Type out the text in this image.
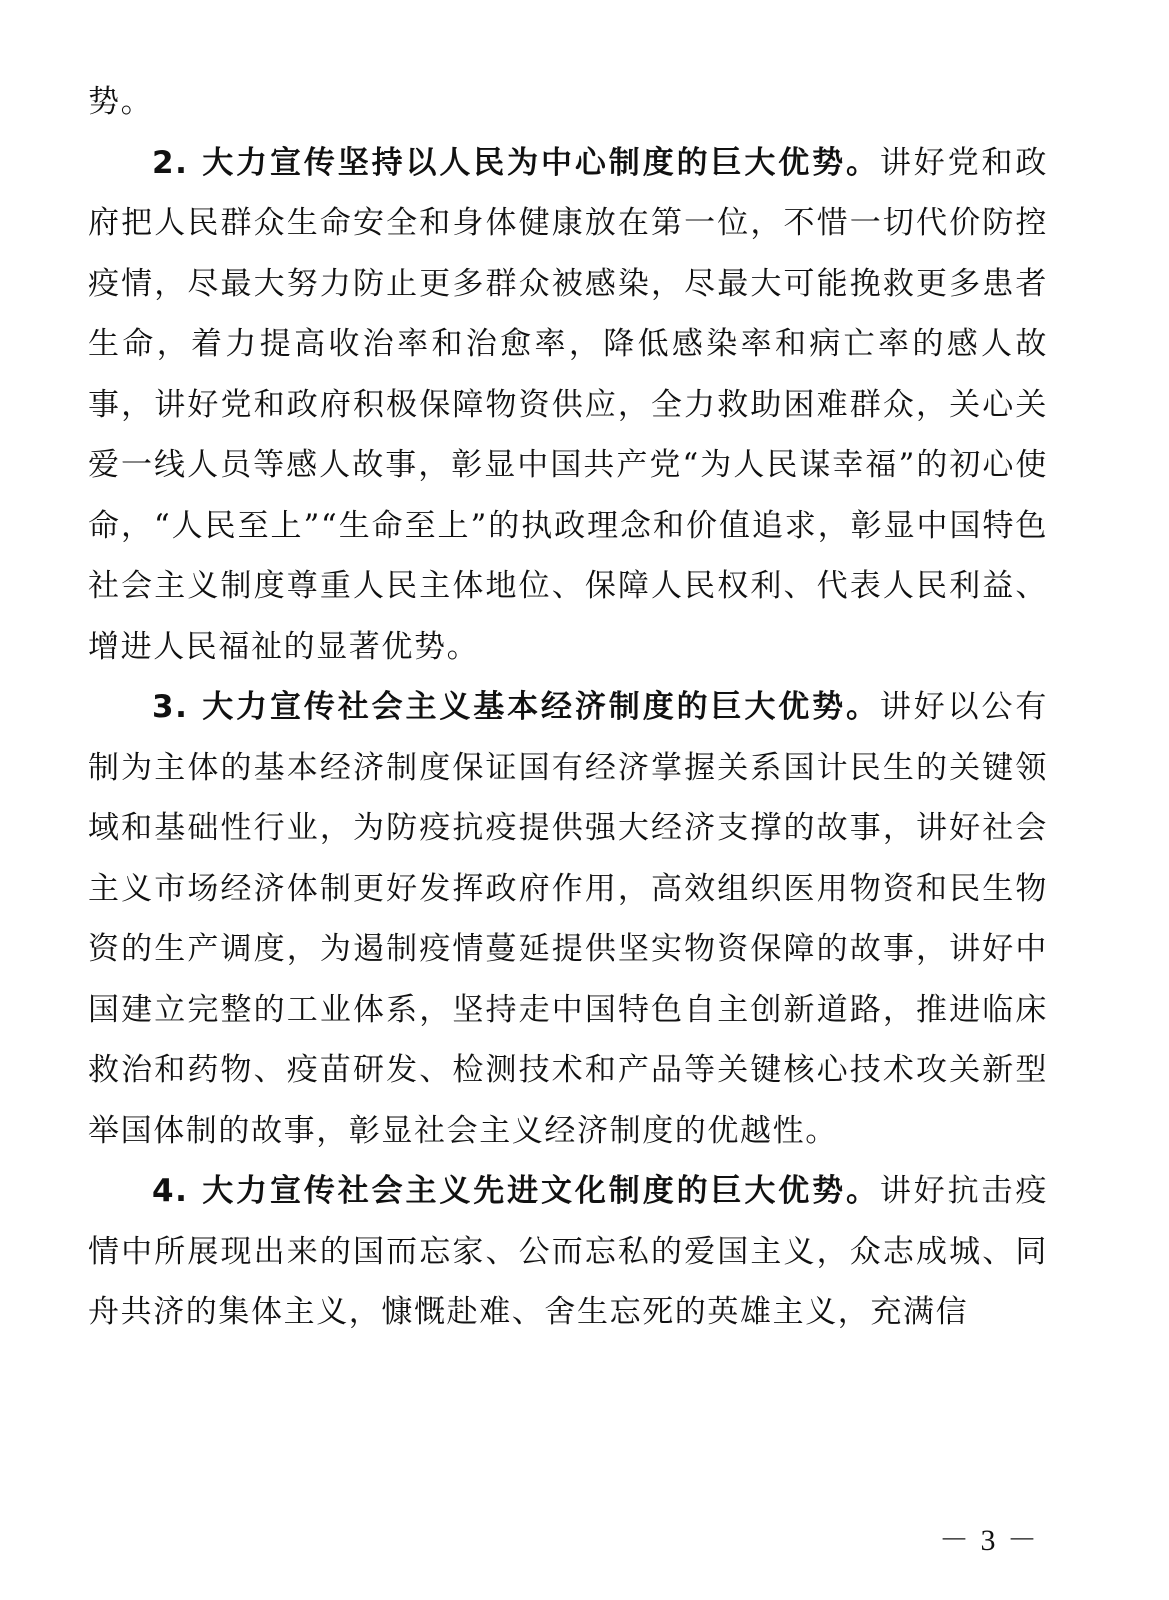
势。

2. 大力宣传坚持以人民为中心制度的巨大优势。讲好党和政府把人民群众生命安全和身体健康放在第一位，不惜一切代价防控疫情，尽最大努力防止更多群众被感染，尽最大可能挽救更多患者生命，着力提高收治率和治愈率，降低感染率和病亡率的感人故事，讲好党和政府积极保障物资供应，全力救助困难群众，关心关爱一线人员等感人故事，彰显中国共产党“为人民谋幸福”的初心使命，“人民至上”“生命至上”的执政理念和价值追求，彰显中国特色社会主义制度尊重人民主体地位、保障人民权利、代表人民利益、增进人民福祉的显著优势。

3. 大力宣传社会主义基本经济制度的巨大优势。讲好以公有制为主体的基本经济制度保证国有经济掌握关系国计民生的关键领域和基础性行业，为防疫抗疫提供强大经济支撑的故事，讲好社会主义市场经济体制更好发挥政府作用，高效组织医用物资和民生物资的生产调度，为遏制疫情蔓延提供坚实物资保障的故事，讲好中国建立完整的工业体系，坚持走中国特色自主创新道路，推进临床救治和药物、疫苗研发、检测技术和产品等关键核心技术攻关新型举国体制的故事，彰显社会主义经济制度的优越性。

4. 大力宣传社会主义先进文化制度的巨大优势。讲好抗击疫情中所展现出来的国而忘家、公而忘私的爱国主义，众志成城、同舟共济的集体主义，慷慨赴难、舍生忘死的英雄主义，充满信

－ 3 －
